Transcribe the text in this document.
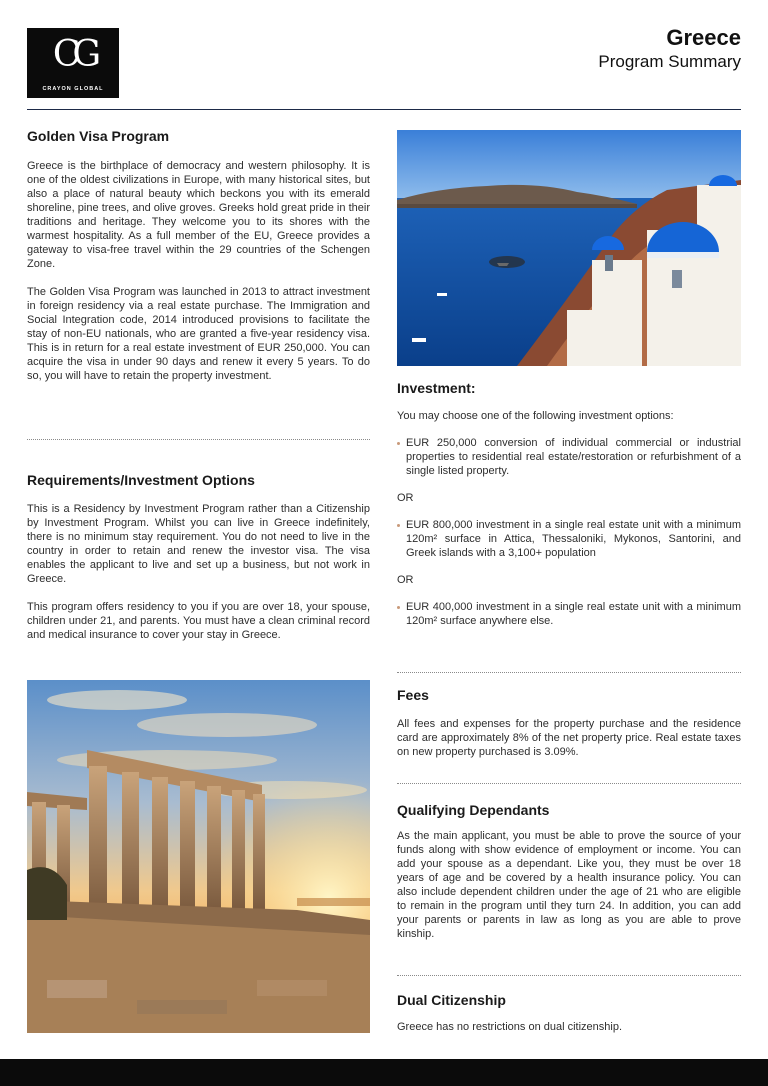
CG
CRAYON GLOBAL
Greece
Program Summary
Golden Visa Program

Greece is the birthplace of democracy and western philosophy. It is one of the oldest civilizations in Europe, with many historical sites, but also a place of natural beauty which beckons you with its emerald shoreline, pine trees, and olive groves. Greeks hold great pride in their traditions and heritage. They welcome you to its shores with the warmest hospitality. As a full member of the EU, Greece provides a gateway to visa-free travel within the 29 countries of the Schengen Zone.

The Golden Visa Program was launched in 2013 to attract investment in foreign residency via a real estate purchase. The Immigration and Social Integration code, 2014 introduced provisions to facilitate the stay of non-EU nationals, who are granted a five-year residency visa. This is in return for a real estate investment of EUR 250,000. You can acquire the visa in under 90 days and renew it every 5 years. To do so, you will have to retain the property investment.

Requirements/Investment Options

This is a Residency by Investment Program rather than a Citizenship by Investment Program. Whilst you can live in Greece indefinitely, there is no minimum stay requirement. You do not need to live in the country in order to retain and renew the investor visa. The visa enables the applicant to live and set up a business, but not work in Greece.

This program offers residency to you if you are over 18, your spouse, children under 21, and parents. You must have a clean criminal record and medical insurance to cover your stay in Greece.

Investment:

You may choose one of the following investment options:

EUR 250,000 conversion of individual commercial or industrial properties to residential real estate/restoration or refurbishment of a single listed property.
OR
EUR 800,000 investment in a single real estate unit with a minimum 120m² surface in Attica, Thessaloniki, Mykonos, Santorini, and Greek islands with a 3,100+ population
OR
EUR 400,000 investment in a single real estate unit with a minimum 120m² surface anywhere else.
Fees

All fees and expenses for the property purchase and the residence card are approximately 8% of the net property price. Real estate taxes on new property purchased is 3.09%.

Qualifying Dependants

As the main applicant, you must be able to prove the source of your funds along with show evidence of employment or income. You can add your spouse as a dependant. Like you, they must be over 18 years of age and be covered by a health insurance policy. You can also include dependent children under the age of 21 who are eligible to remain in the program until they turn 24. In addition, you can add your parents or parents in law as long as you are able to prove kinship.

Dual Citizenship

Greece has no restrictions on dual citizenship.
